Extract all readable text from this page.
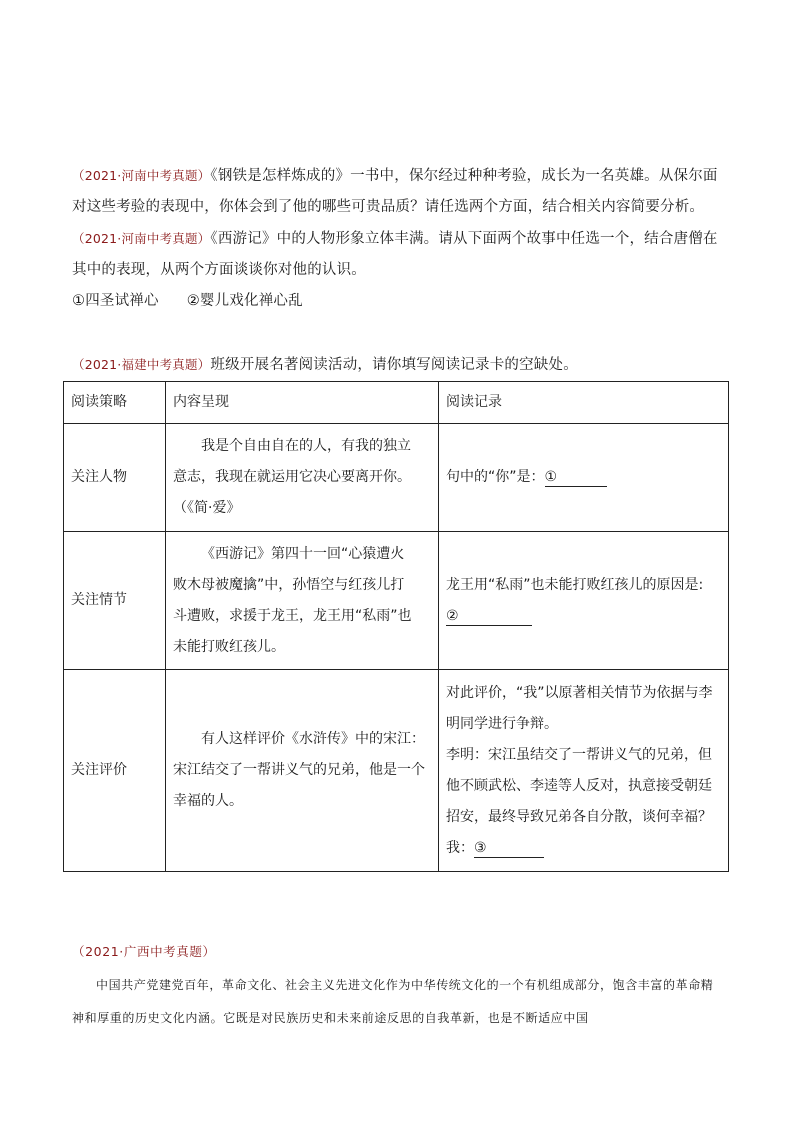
（2021·河南中考真题）《钢铁是怎样炼成的》一书中，保尔经过种种考验，成长为一名英雄。从保尔面对这些考验的表现中，你体会到了他的哪些可贵品质？请任选两个方面，结合相关内容简要分析。
（2021·河南中考真题）《西游记》中的人物形象立体丰满。请从下面两个故事中任选一个，结合唐僧在其中的表现，从两个方面谈谈你对他的认识。
①四圣试禅心 ②婴儿戏化禅心乱
（2021·福建中考真题）班级开展名著阅读活动，请你填写阅读记录卡的空缺处。
阅读策略	内容呈现	阅读记录
关注人物	我是个自由自在的人，有我的独立意志，我现在就运用它决心要离开你。（《简·爱》	句中的“你”是：①
关注情节	《西游记》第四十一回“心猿遭火败木母被魔擒”中，孙悟空与红孩儿打斗遭败，求援于龙王，龙王用“私雨”也未能打败红孩儿。	龙王用“私雨”也未能打败红孩儿的原因是:
②

关注评价	有人这样评价《水浒传》中的宋江：宋江结交了一帮讲义气的兄弟，他是一个幸福的人。	对此评价，“我”以原著相关情节为依据与李明同学进行争辩。
李明：宋江虽结交了一帮讲义气的兄弟，但他不顾武松、李逵等人反对，执意接受朝廷招安，最终导致兄弟各自分散，谈何幸福？
我：③
（2021·广西中考真题）
中国共产党建党百年，革命文化、社会主义先进文化作为中华传统文化的一个有机组成部分，饱含丰富的革命精神和厚重的历史文化内涵。它既是对民族历史和未来前途反思的自我革新，也是不断适应中国
